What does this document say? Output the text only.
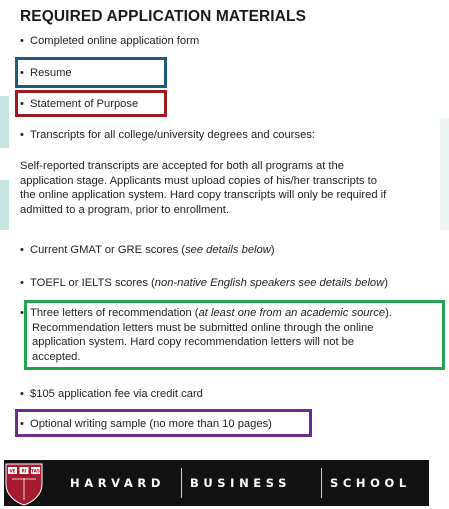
REQUIRED APPLICATION MATERIALS
• Completed online application form
• Resume
• Statement of Purpose
• Transcripts for all college/university degrees and courses:
Self-reported transcripts are accepted for both all programs at the
application stage. Applicants must upload copies of his/her transcripts to
the online application system. Hard copy transcripts will only be required if
admitted to a program, prior to enrollment.
• Current GMAT or GRE scores (see details below)
• TOEFL or IELTS scores (non-native English speakers see details below)
• Three letters of recommendation (at least one from an academic source).
Recommendation letters must be submitted online through the online
application system. Hard copy recommendation letters will not be
accepted.
• $105 application fee via credit card
• Optional writing sample (no more than 10 pages)
VE RI TAS
HARVARD BUSINESS	SCHOOL
